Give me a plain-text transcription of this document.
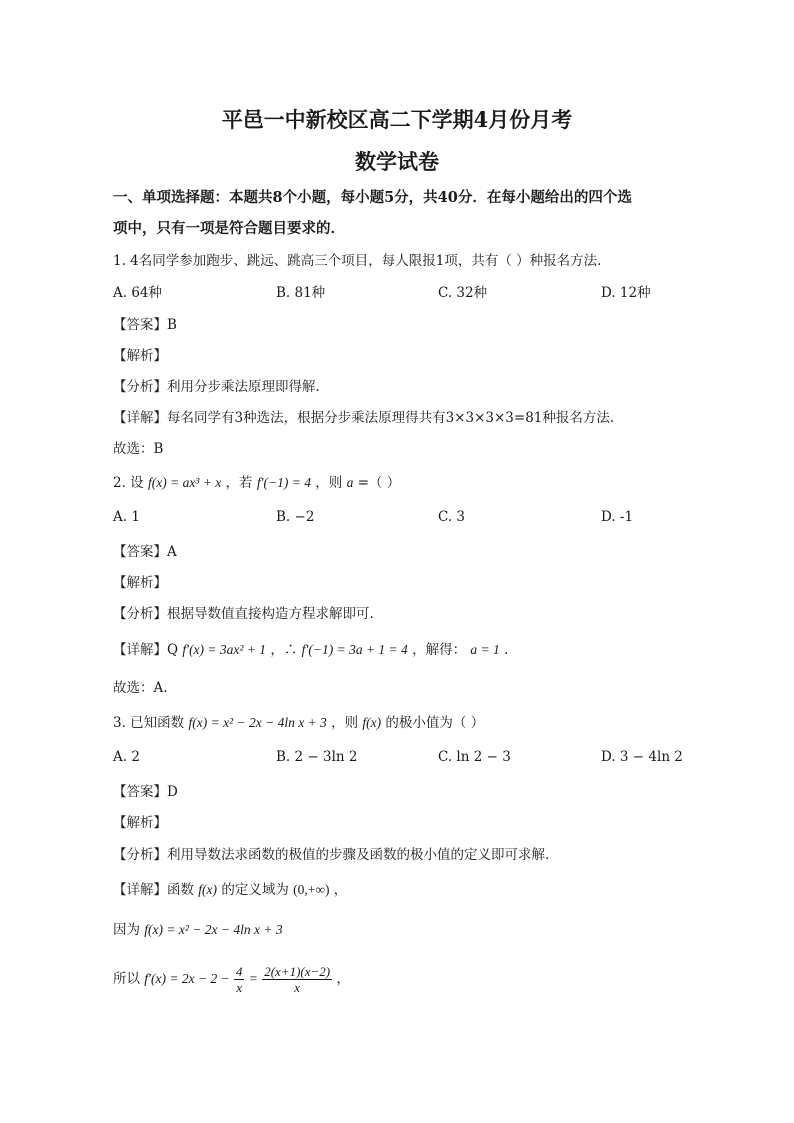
平邑一中新校区高二下学期4月份月考
数学试卷
一、单项选择题：本题共8个小题，每小题5分，共40分．在每小题给出的四个选
项中，只有一项是符合题目要求的．
1. 4名同学参加跑步、跳远、跳高三个项目，每人限报1项，共有（ ）种报名方法.
A. 64种	B. 81种	C. 32种	D. 12种
【答案】B
【解析】
【分析】利用分步乘法原理即得解.
【详解】每名同学有3种选法，根据分步乘法原理得共有3×3×3×3=81种报名方法.
故选：B
2. 设 f(x) = ax³ + x ，若 f′(−1) = 4 ，则 a =（ ）
A. 1	B. −2	C. 3	D. -1
【答案】A
【解析】
【分析】根据导数值直接构造方程求解即可.
【详解】Q f′(x) = 3ax² + 1 ，∴ f′(−1) = 3a + 1 = 4 ，解得： a = 1 .
故选：A.
3. 已知函数 f(x) = x² − 2x − 4ln x + 3 ，则 f(x) 的极小值为（ ）
A. 2	B. 2 − 3ln 2	C. ln 2 − 3	D. 3 − 4ln 2
【答案】D
【解析】
【分析】利用导数法求函数的极值的步骤及函数的极小值的定义即可求解.
【详解】函数 f(x) 的定义域为 (0,+∞) ，
因为 f(x) = x² − 2x − 4ln x + 3
所以 $f'(x) = 2x - 2 - \frac{4}{x} = \frac{2(x+1)(x-2)}{x}$ ，
